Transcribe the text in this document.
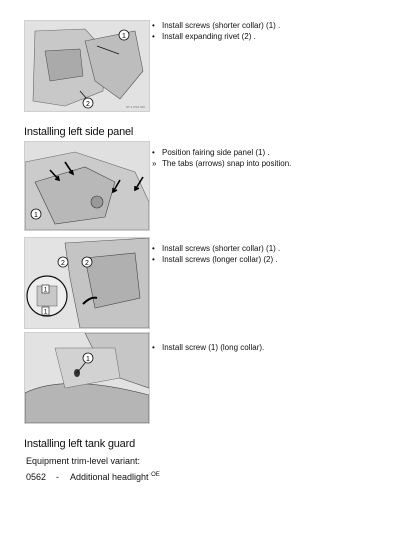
1
2	NT 3 OSZ 000
• Install screws (shorter collar) (1) .
• Install expanding rivet (2) .
Installing left side panel
1
• Position fairing side panel (1) .
» The tabs (arrows) snap into position.
2	2
1
1
• Install screws (shorter collar) (1) .
• Install screws (longer collar) (2) .
1
• Install screw (1) (long collar).
Installing left tank guard
Equipment trim-level variant:
0562 - Additional headlight $^{OE}$
